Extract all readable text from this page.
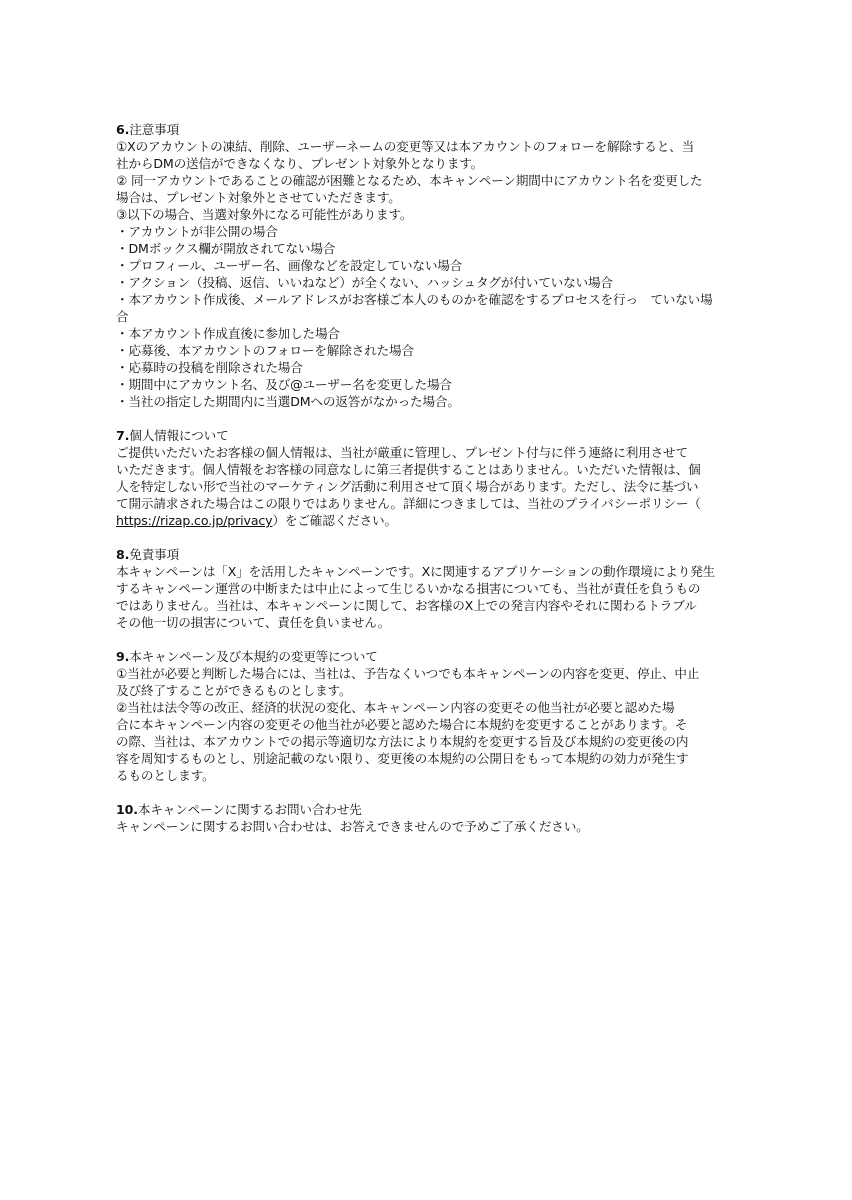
6.注意事項
①Xのアカウントの凍結、削除、ユーザーネームの変更等又は本アカウントのフォローを解除すると、当
社からDMの送信ができなくなり、プレゼント対象外となります。
② 同一アカウントであることの確認が困難となるため、本キャンペーン期間中にアカウント名を変更した
場合は、プレゼント対象外とさせていただきます。
③以下の場合、当選対象外になる可能性があります。
・アカウントが非公開の場合
・DMボックス欄が開放されてない場合
・プロフィール、ユーザー名、画像などを設定していない場合
・アクション（投稿、返信、いいねなど）が全くない、ハッシュタグが付いていない場合
・本アカウント作成後、メールアドレスがお客様ご本人のものかを確認をするプロセスを行っ　ていない場
合
・本アカウント作成直後に参加した場合
・応募後、本アカウントのフォローを解除された場合
・応募時の投稿を削除された場合
・期間中にアカウント名、及び@ユーザー名を変更した場合
・当社の指定した期間内に当選DMへの返答がなかった場合。
7.個人情報について
ご提供いただいたお客様の個人情報は、当社が厳重に管理し、プレゼント付与に伴う連絡に利用させて
いただきます。個人情報をお客様の同意なしに第三者提供することはありません。いただいた情報は、個
人を特定しない形で当社のマーケティング活動に利用させて頂く場合があります。ただし、法令に基づい
て開示請求された場合はこの限りではありません。詳細につきましては、当社のプライバシーポリシー（
https://rizap.co.jp/privacy）をご確認ください。
8.免責事項
本キャンペーンは「X」を活用したキャンペーンです。Xに関連するアプリケーションの動作環境により発生
するキャンペーン運営の中断または中止によって生じるいかなる損害についても、当社が責任を負うもの
ではありません。当社は、本キャンペーンに関して、お客様のX上での発言内容やそれに関わるトラブル
その他一切の損害について、責任を負いません。
9.本キャンペーン及び本規約の変更等について
①当社が必要と判断した場合には、当社は、予告なくいつでも本キャンペーンの内容を変更、停止、中止
及び終了することができるものとします。
②当社は法令等の改正、経済的状況の変化、本キャンペーン内容の変更その他当社が必要と認めた場
合に本キャンペーン内容の変更その他当社が必要と認めた場合に本規約を変更することがあります。そ
の際、当社は、本アカウントでの掲示等適切な方法により本規約を変更する旨及び本規約の変更後の内
容を周知するものとし、別途記載のない限り、変更後の本規約の公開日をもって本規約の効力が発生す
るものとします。
10.本キャンペーンに関するお問い合わせ先
キャンペーンに関するお問い合わせは、お答えできませんので予めご了承ください。
